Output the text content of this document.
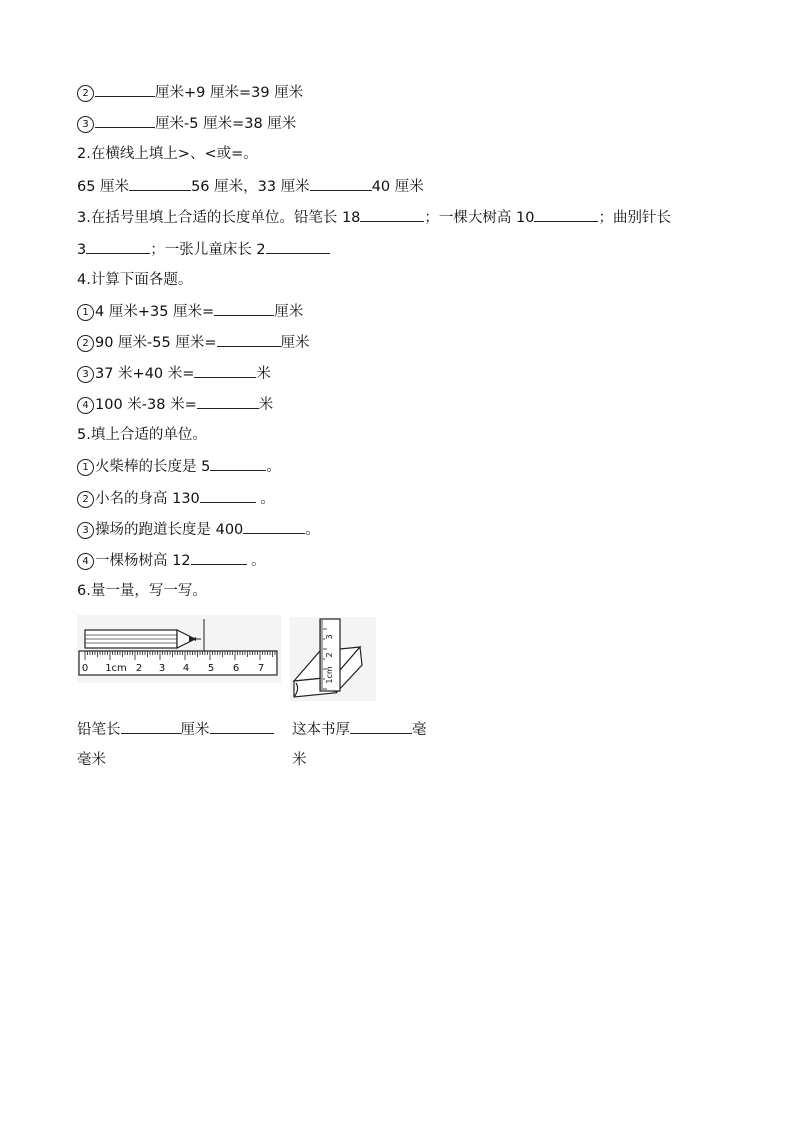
2	厘米+9 厘米=39 厘米
3	厘米-5 厘米=38 厘米
2.在横线上填上>、<或=。
65 厘米	56 厘米，33 厘米	40 厘米
3.在括号里填上合适的长度单位。铅笔长 18	；一棵大树高 10	；曲别针长
3	；一张儿童床长 2
4.计算下面各题。
1 4 厘米+35 厘米=	厘米
2 90 厘米-55 厘米=	厘米
3 37 米+40 米=	米
4 100 米-38 米=	米
5.填上合适的单位。
1 火柴棒的长度是 5	。
2 小名的身高 130	。
3 操场的跑道长度是 400	。
4 一棵杨树高 12	。
6.量一量，写一写。
0 1cm 2 3 4 5 6 7	1cm
2
3
铅笔长	厘米
毫米
这本书厚	毫
米
